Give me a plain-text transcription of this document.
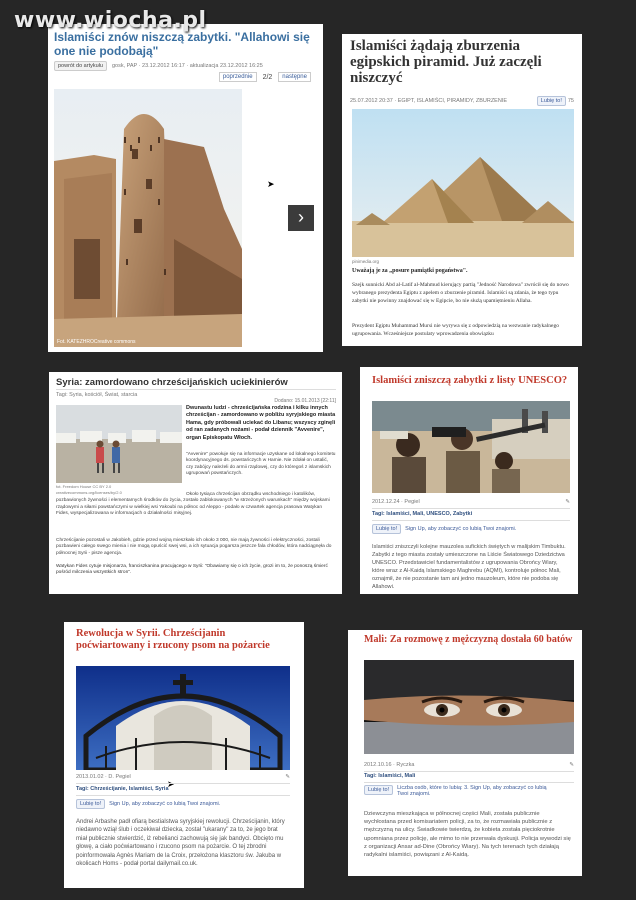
www.wiocha.pl
Islamiści znów niszczą zabytki. "Allahowi się one nie podobają"
powrót do artykułu	gosk, PAP · 23.12.2012 16:17 · aktualizacja 23.12.2012 16:25
poprzednie	2/2	następne
Fot. KATEZHROCreative commons
›
➤
Islamiści żądają zburzenia egipskich piramid. Już zaczęli niszczyć
25.07.2012 20:37 · EGIPT, ISLAMIŚCI, PIRAMIDY, ZBURZENIE	Lubię to!	75
pinimedia.org
Uważają je za „posure pamiątki pogaństwa".
Szejk sunnicki Abd al-Latif al-Mahmud kierujący partią "Jedność Narodowa" zwrócił się do nowo wybranego prezydenta Egiptu z apelem o zburzenie piramid. Islamiści są zdania, że tego typu zabytki nie powinny znajdować się w Egipcie, bo nie służą upamiętnieniu Allaha.
Prezydent Egiptu Muhammad Mursi nie wyrywa się z odpowiedzią na wezwanie radykalnego ugrupowania. Wcześniejsze postulaty wprowadzenia obowiązku
Syria: zamordowano chrześcijańskich uciekinierów
Tagi: Syria, kościół, Świat, starcia
Dodano: 15.01.2013 [22:11]
fot. Freedom House CC BY 2.0
creativecommons.org/licenses/by/2.0
Dwunastu ludzi - chrześcijańska rodzina i kilku innych chrześcijan - zamordowano w pobliżu syryjskiego miasta Hama, gdy próbowali uciekać do Libanu; wszyscy zginęli od ran zadanych nożami - podał dziennik "Avvenire", organ Episkopatu Włoch.
"Avvenire" powołuje się na informacje uzyskane od lokalnego komitetu koordynacyjnego ds. powstańczych w Hamie. Nie zdołał on ustalić, czy zabójcy należeli do armii rządowej, czy do któregoś z islamskich ugrupowań powstańczych.
Około tysiąca chrześcijan obrządku wschodniego i katolików, pozbawionych żywności i elementarnych środków do życia, zostało zablokowanych "w strzeżonych warunkach" między wojskami rządowymi a siłami powstańczymi w wielkiej wsi Yakoubi na północ od Aleppo - podało w czwartek agencja prasowa Watykan Fides, wyspecjalizowana w informacjach o działalności misyjnej.
Chrześcijanie pozostali w Jakobieh, gdzie przed wojną mieszkało ich około 3 000, nie mają żywności i elektryczności, zostali pozbawieni całego swego mienia i nie mogą opuścić swej wsi, a ich sytuacja pogarsza jeszcze fala chłodów, która nadciągnęła do północnej Syrii - pisze agencja.
Watykan Fides cytuje misjonarza, franciszkanina pracującego w Syrii: "Obawiamy się o ich życie, grozi im to, że ponoszą śmierć pośród milczenia wszystkich stron".
Islamiści zniszczą zabytki z listy UNESCO?
2012.12.24 · Pegiel	✎
Tagi: Islamiści, Mali, UNESCO, Zabytki
Lubię to!	Sign Up, aby zobaczyć co lubią Twoi znajomi.
Islamiści zniszczyli kolejne mauzolea sufickich świętych w malijskim Timbuktu. Zabytki z tego miasta zostały umieszczone na Liście Światowego Dziedzictwa UNESCO. Przedstawiciel fundamentalistów z ugrupowania Obrońcy Wiary, które wraz z Al-Kaidą Islamskiego Maghrebu (AQMI), kontroluje północ Mali, oznajmił, że nie pozostanie tam ani jedno mauzoleum, które nie podoba się Allahowi.
Rewolucja w Syrii. Chrześcijanin poćwiartowany i rzucony psom na pożarcie
➤
2013.01.02 · D. Pegiel	✎
Tagi: Chrześcijanie, Islamiści, Syria
Lubię to!	Sign Up, aby zobaczyć co lubią Twoi znajomi.
Andrei Arbashe padł ofiarą bestialstwa syryjskiej rewolucji. Chrześcijanin, który niedawno wziął ślub i oczekiwał dziecka, został "ukarany" za to, że jego brat miał publicznie stwierdzić, iż rebelianci zachowują się jak bandyci. Obcięto mu głowę, a ciało poćwiartowano i rzucono psom na pożarcie. O tej zbrodni poinformowała Agnès Mariam de la Croix, przełożona klasztoru św. Jakuba w okolicach Homs - podał portal dailymail.co.uk.
Mali: Za rozmowę z mężczyzną dostała 60 batów
2012.10.16 · Ryczka	✎
Tagi: Islamiści, Mali
Lubię to!	Liczba osób, które to lubią: 3. Sign Up, aby zobaczyć co lubią Twoi znajomi.
Dziewczyna mieszkająca w północnej części Mali, została publicznie wychłostana przed komisariatem policji, za to, że rozmawiała publicznie z mężczyzną na ulicy. Świadkowie twierdzą, że kobieta została pięciokrotnie upomniana przez policję, ale mimo to nie przerwała dyskusji. Policja wywodzi się z organizacji Ansar ad-Dine (Obrońcy Wiary). Na tych terenach tych działają radykalni islamiści, powiązani z Al-Kaidą.
